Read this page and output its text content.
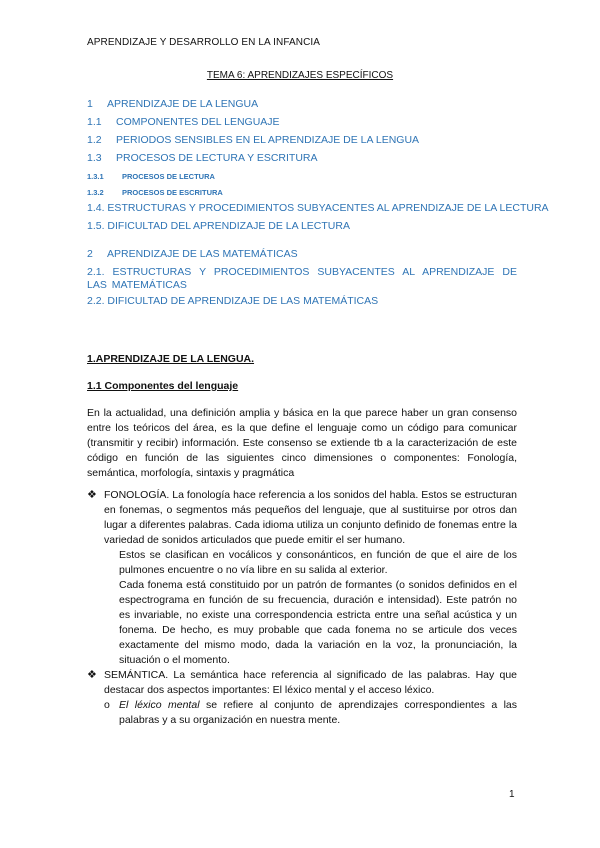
APRENDIZAJE Y DESARROLLO EN LA INFANCIA
TEMA 6: APRENDIZAJES ESPECÍFICOS
1 APRENDIZAJE DE LA LENGUA
1.1 COMPONENTES DEL LENGUAJE
1.2 PERIODOS SENSIBLES EN EL APRENDIZAJE DE LA LENGUA
1.3 PROCESOS DE LECTURA Y ESCRITURA
1.3.1 PROCESOS DE LECTURA
1.3.2 PROCESOS DE ESCRITURA
1.4. ESTRUCTURAS Y PROCEDIMIENTOS SUBYACENTES AL APRENDIZAJE DE LA LECTURA
1.5. DIFICULTAD DEL APRENDIZAJE DE LA LECTURA
2 APRENDIZAJE DE LAS MATEMÁTICAS
2.1. ESTRUCTURAS Y PROCEDIMIENTOS SUBYACENTES AL APRENDIZAJE DE LAS MATEMÁTICAS
2.2. DIFICULTAD DE APRENDIZAJE DE LAS MATEMÁTICAS
1.APRENDIZAJE DE LA LENGUA.
1.1 Componentes del lenguaje

En la actualidad, una definición amplia y básica en la que parece haber un gran consenso entre los teóricos del área, es la que define el lenguaje como un código para comunicar (transmitir y recibir) información. Este consenso se extiende tb a la caracterización de este código en función de las siguientes cinco dimensiones o componentes: Fonología, semántica, morfología, sintaxis y pragmática

❖ FONOLOGÍA. La fonología hace referencia a los sonidos del habla. Estos se estructuran en fonemas, o segmentos más pequeños del lenguaje, que al sustituirse por otros dan lugar a diferentes palabras. Cada idioma utiliza un conjunto definido de fonemas entre la variedad de sonidos articulados que puede emitir el ser humano.

Estos se clasifican en vocálicos y consonánticos, en función de que el aire de los pulmones encuentre o no vía libre en su salida al exterior.

Cada fonema está constituido por un patrón de formantes (o sonidos definidos en el espectrograma en función de su frecuencia, duración e intensidad). Este patrón no es invariable, no existe una correspondencia estricta entre una señal acústica y un fonema. De hecho, es muy probable que cada fonema no se articule dos veces exactamente del mismo modo, dada la variación en la voz, la pronunciación, la situación o el momento.

❖ SEMÁNTICA. La semántica hace referencia al significado de las palabras. Hay que destacar dos aspectos importantes: El léxico mental y el acceso léxico.

o El léxico mental se refiere al conjunto de aprendizajes correspondientes a las palabras y a su organización en nuestra mente.

1
